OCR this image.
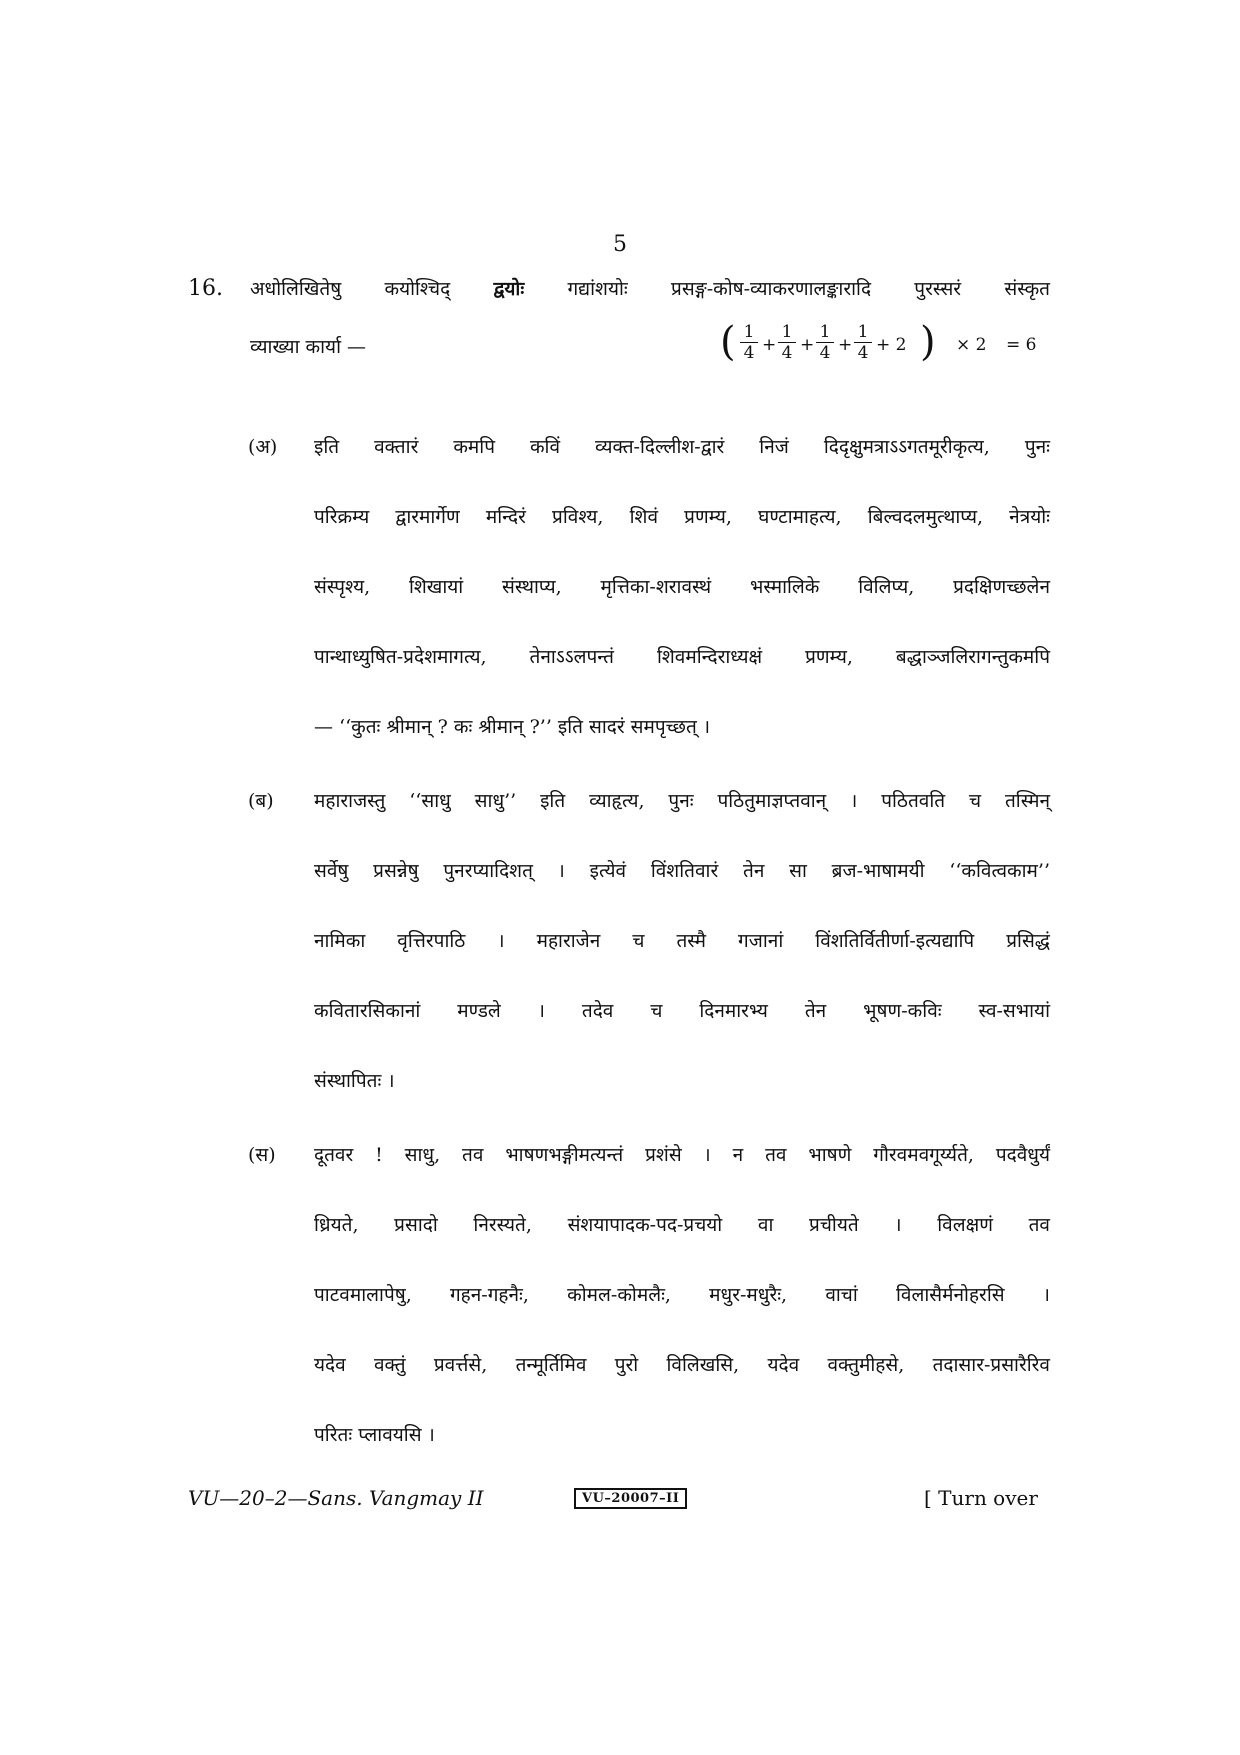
5
16. अधोलिखितेषु कयोश्चिद् द्वयोः गद्यांशयोः प्रसङ्ग-कोष-व्याकरणालङ्कारादि पुरस्सरं संस्कृत
व्याख्या कार्या —	( $\frac{1}{4} + \frac{1}{4} + \frac{1}{4} + \frac{1}{4} + 2$ ) × 2 = 6
(अ) इति वक्तारं कमपि कविं व्यक्त-दिल्लीश-द्वारं निजं दिदृक्षुमत्राऽऽगतमूरीकृत्य, पुनः
परिक्रम्य द्वारमार्गेण मन्दिरं प्रविश्य, शिवं प्रणम्य, घण्टामाहत्य, बिल्वदलमुत्थाप्य, नेत्रयोः
संस्पृश्य, शिखायां संस्थाप्य, मृत्तिका-शरावस्थं भस्मालिके विलिप्य, प्रदक्षिणच्छलेन
पान्थाध्युषित-प्रदेशमागत्य, तेनाऽऽलपन्तं शिवमन्दिराध्यक्षं प्रणम्य, बद्धाञ्जलिरागन्तुकमपि
— ‘‘कुतः श्रीमान् ? कः श्रीमान् ?’’ इति सादरं समपृच्छत् ।
(ब) महाराजस्तु ‘‘साधु साधु’’ इति व्याहृत्य, पुनः पठितुमाज्ञप्तवान् । पठितवति च तस्मिन्
सर्वेषु प्रसन्नेषु पुनरप्यादिशत् । इत्येवं विंशतिवारं तेन सा ब्रज-भाषामयी ‘‘कवित्वकाम’’
नामिका वृत्तिरपाठि । महाराजेन च तस्मै गजानां विंशतिर्वितीर्णा-इत्यद्यापि प्रसिद्धं
कवितारसिकानां मण्डले । तदेव च दिनमारभ्य तेन भूषण-कविः स्व-सभायां
संस्थापितः ।
(स) दूतवर ! साधु, तव भाषणभङ्गीमत्यन्तं प्रशंसे । न तव भाषणे गौरवमवगूर्य्यते, पदवैधुर्यं
ध्रियते, प्रसादो निरस्यते, संशयापादक-पद-प्रचयो वा प्रचीयते । विलक्षणं तव
पाटवमालापेषु, गहन-गहनैः, कोमल-कोमलैः, मधुर-मधुरैः, वाचां विलासैर्मनोहरसि ।
यदेव वक्तुं प्रवर्त्तसे, तन्मूर्तिमिव पुरो विलिखसि, यदेव वक्तुमीहसे, तदासार-प्रसारैरिव
परितः प्लावयसि ।
VU—20–2—Sans. Vangmay II	VU–20007–II	[ Turn over
